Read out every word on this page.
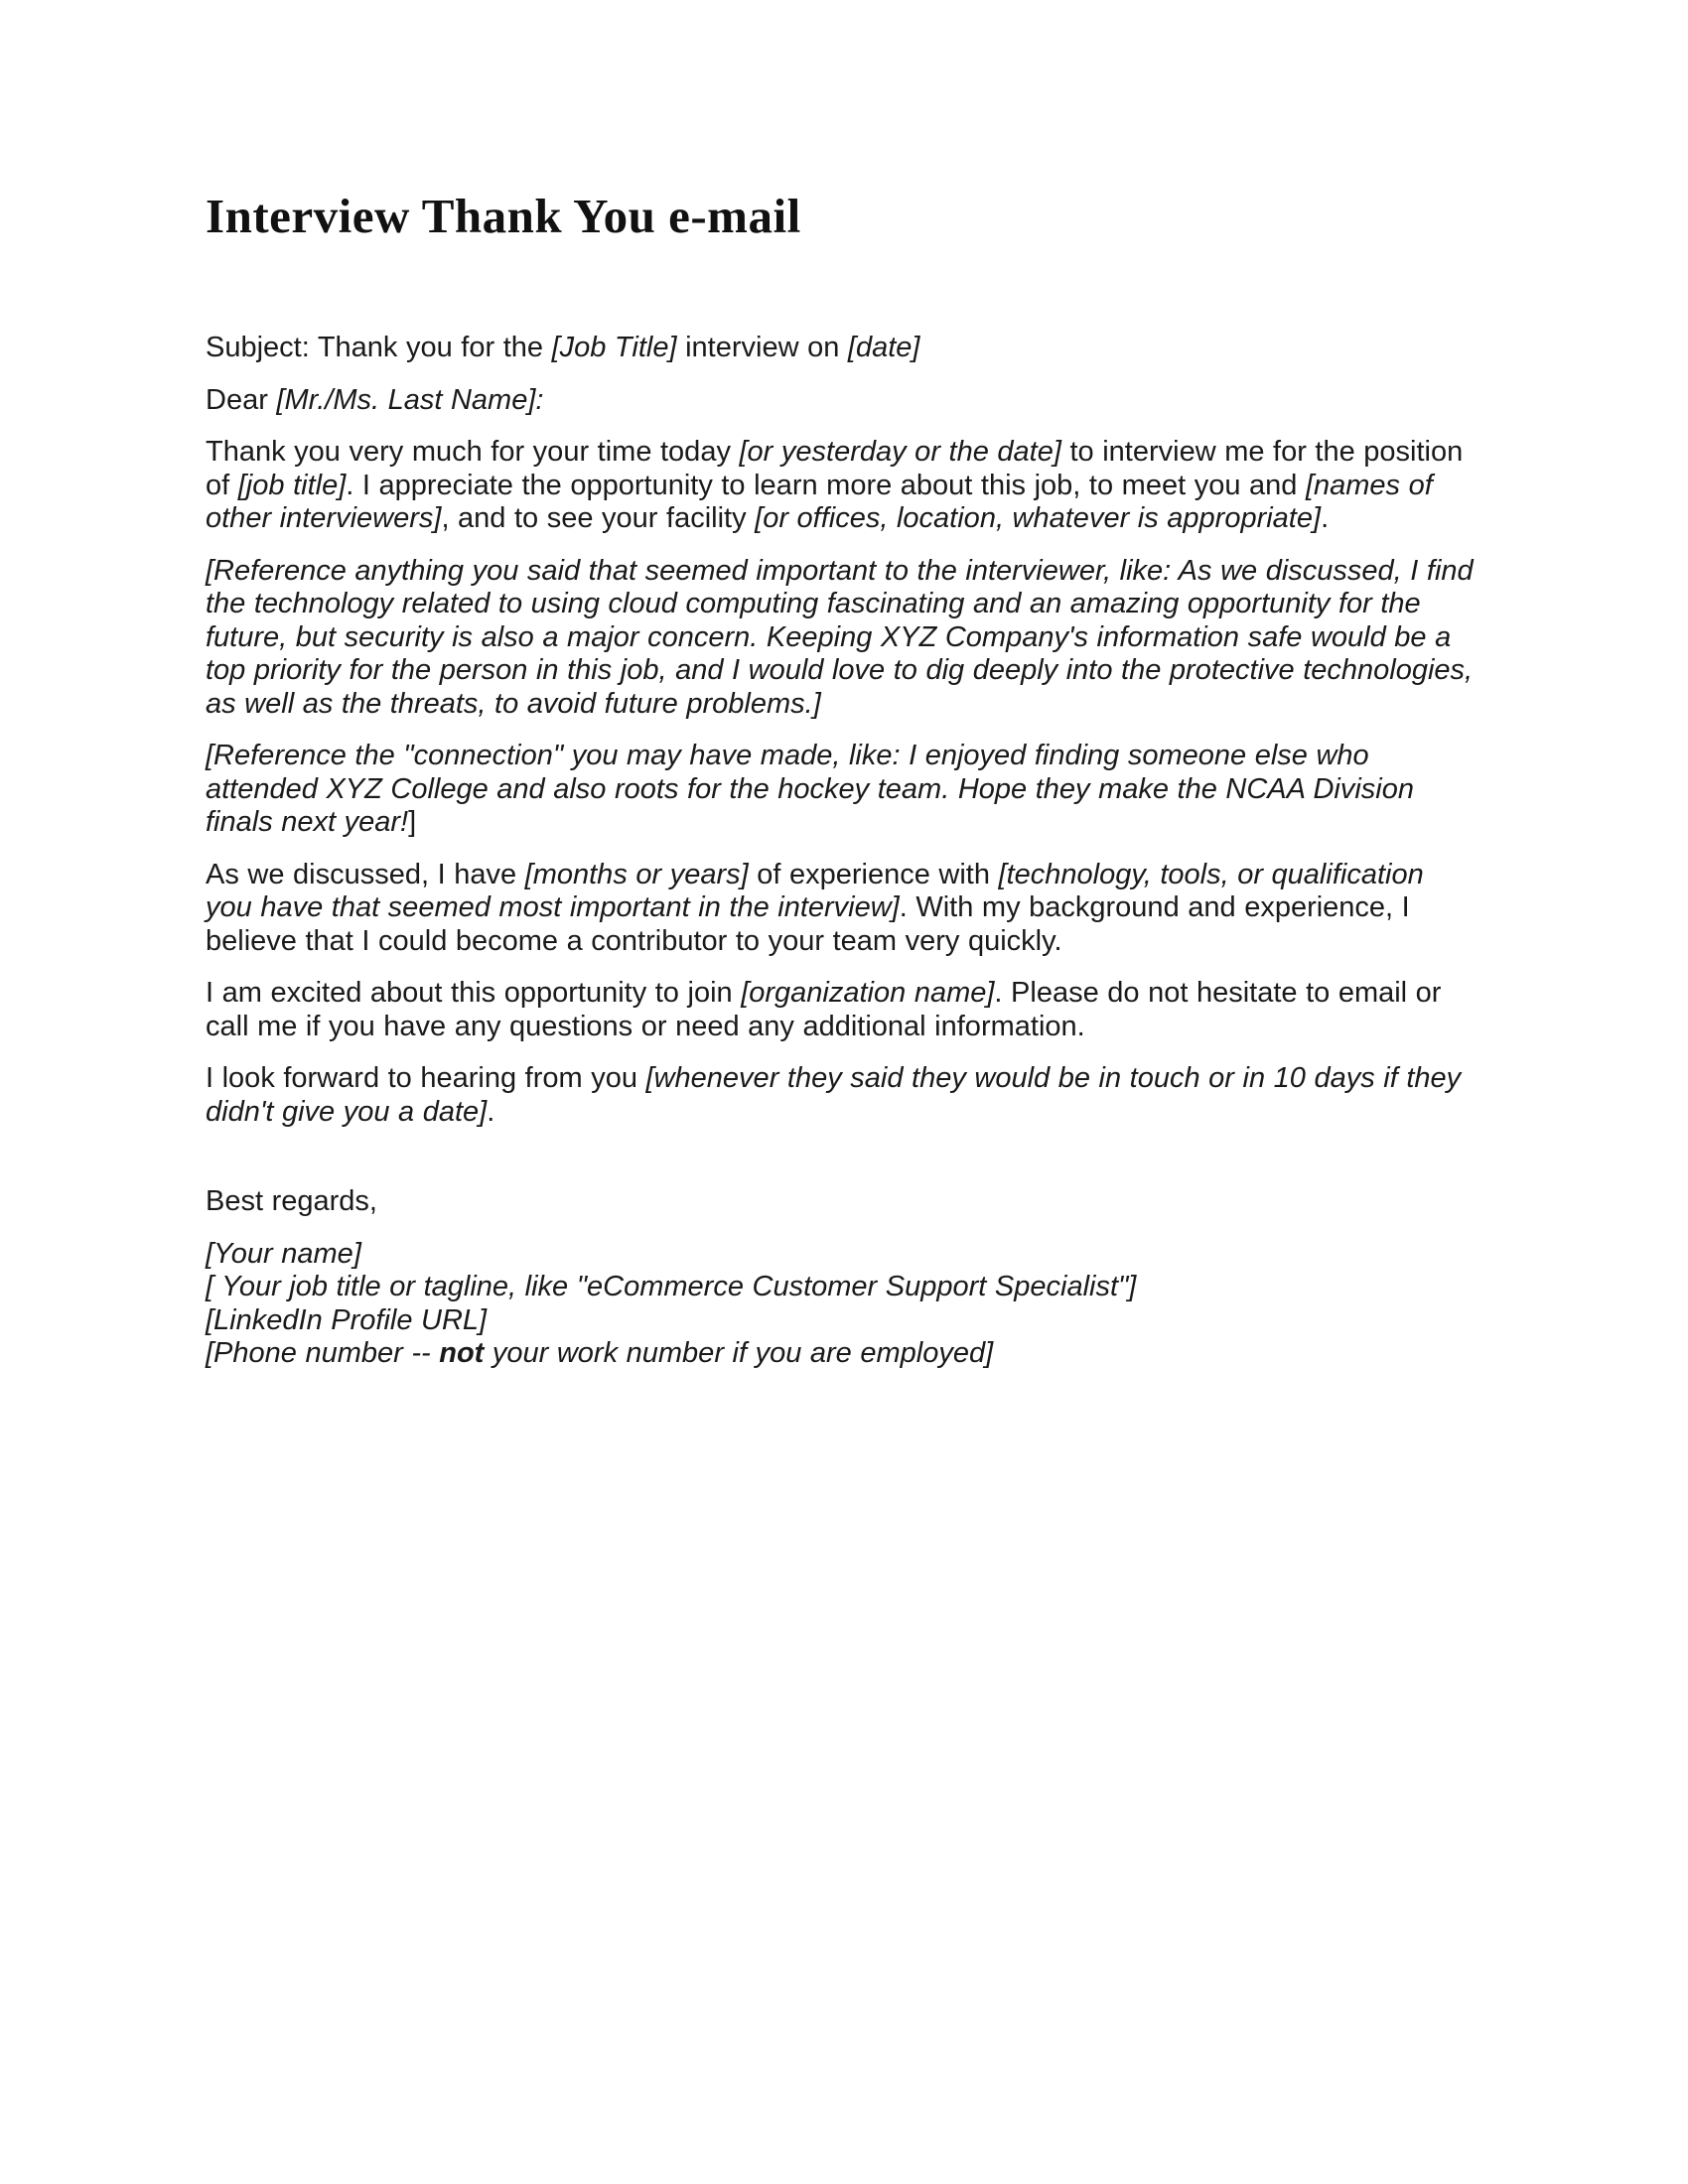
Interview Thank You e-mail

Subject: Thank you for the [Job Title] interview on [date]

Dear [Mr./Ms. Last Name]:

Thank you very much for your time today [or yesterday or the date] to interview me for the position of [job title]. I appreciate the opportunity to learn more about this job, to meet you and [names of other interviewers], and to see your facility [or offices, location, whatever is appropriate].

[Reference anything you said that seemed important to the interviewer, like: As we discussed, I find the technology related to using cloud computing fascinating and an amazing opportunity for the future, but security is also a major concern. Keeping XYZ Company's information safe would be a top priority for the person in this job, and I would love to dig deeply into the protective technologies, as well as the threats, to avoid future problems.]

[Reference the "connection" you may have made, like: I enjoyed finding someone else who attended XYZ College and also roots for the hockey team. Hope they make the NCAA Division finals next year!]

As we discussed, I have [months or years] of experience with [technology, tools, or qualification you have that seemed most important in the interview]. With my background and experience, I believe that I could become a contributor to your team very quickly.

I am excited about this opportunity to join [organization name]. Please do not hesitate to email or call me if you have any questions or need any additional information.

I look forward to hearing from you [whenever they said they would be in touch or in 10 days if they didn't give you a date].

Best regards,

[Your name]
[ Your job title or tagline, like "eCommerce Customer Support Specialist"]
[LinkedIn Profile URL]
[Phone number -- not your work number if you are employed]
